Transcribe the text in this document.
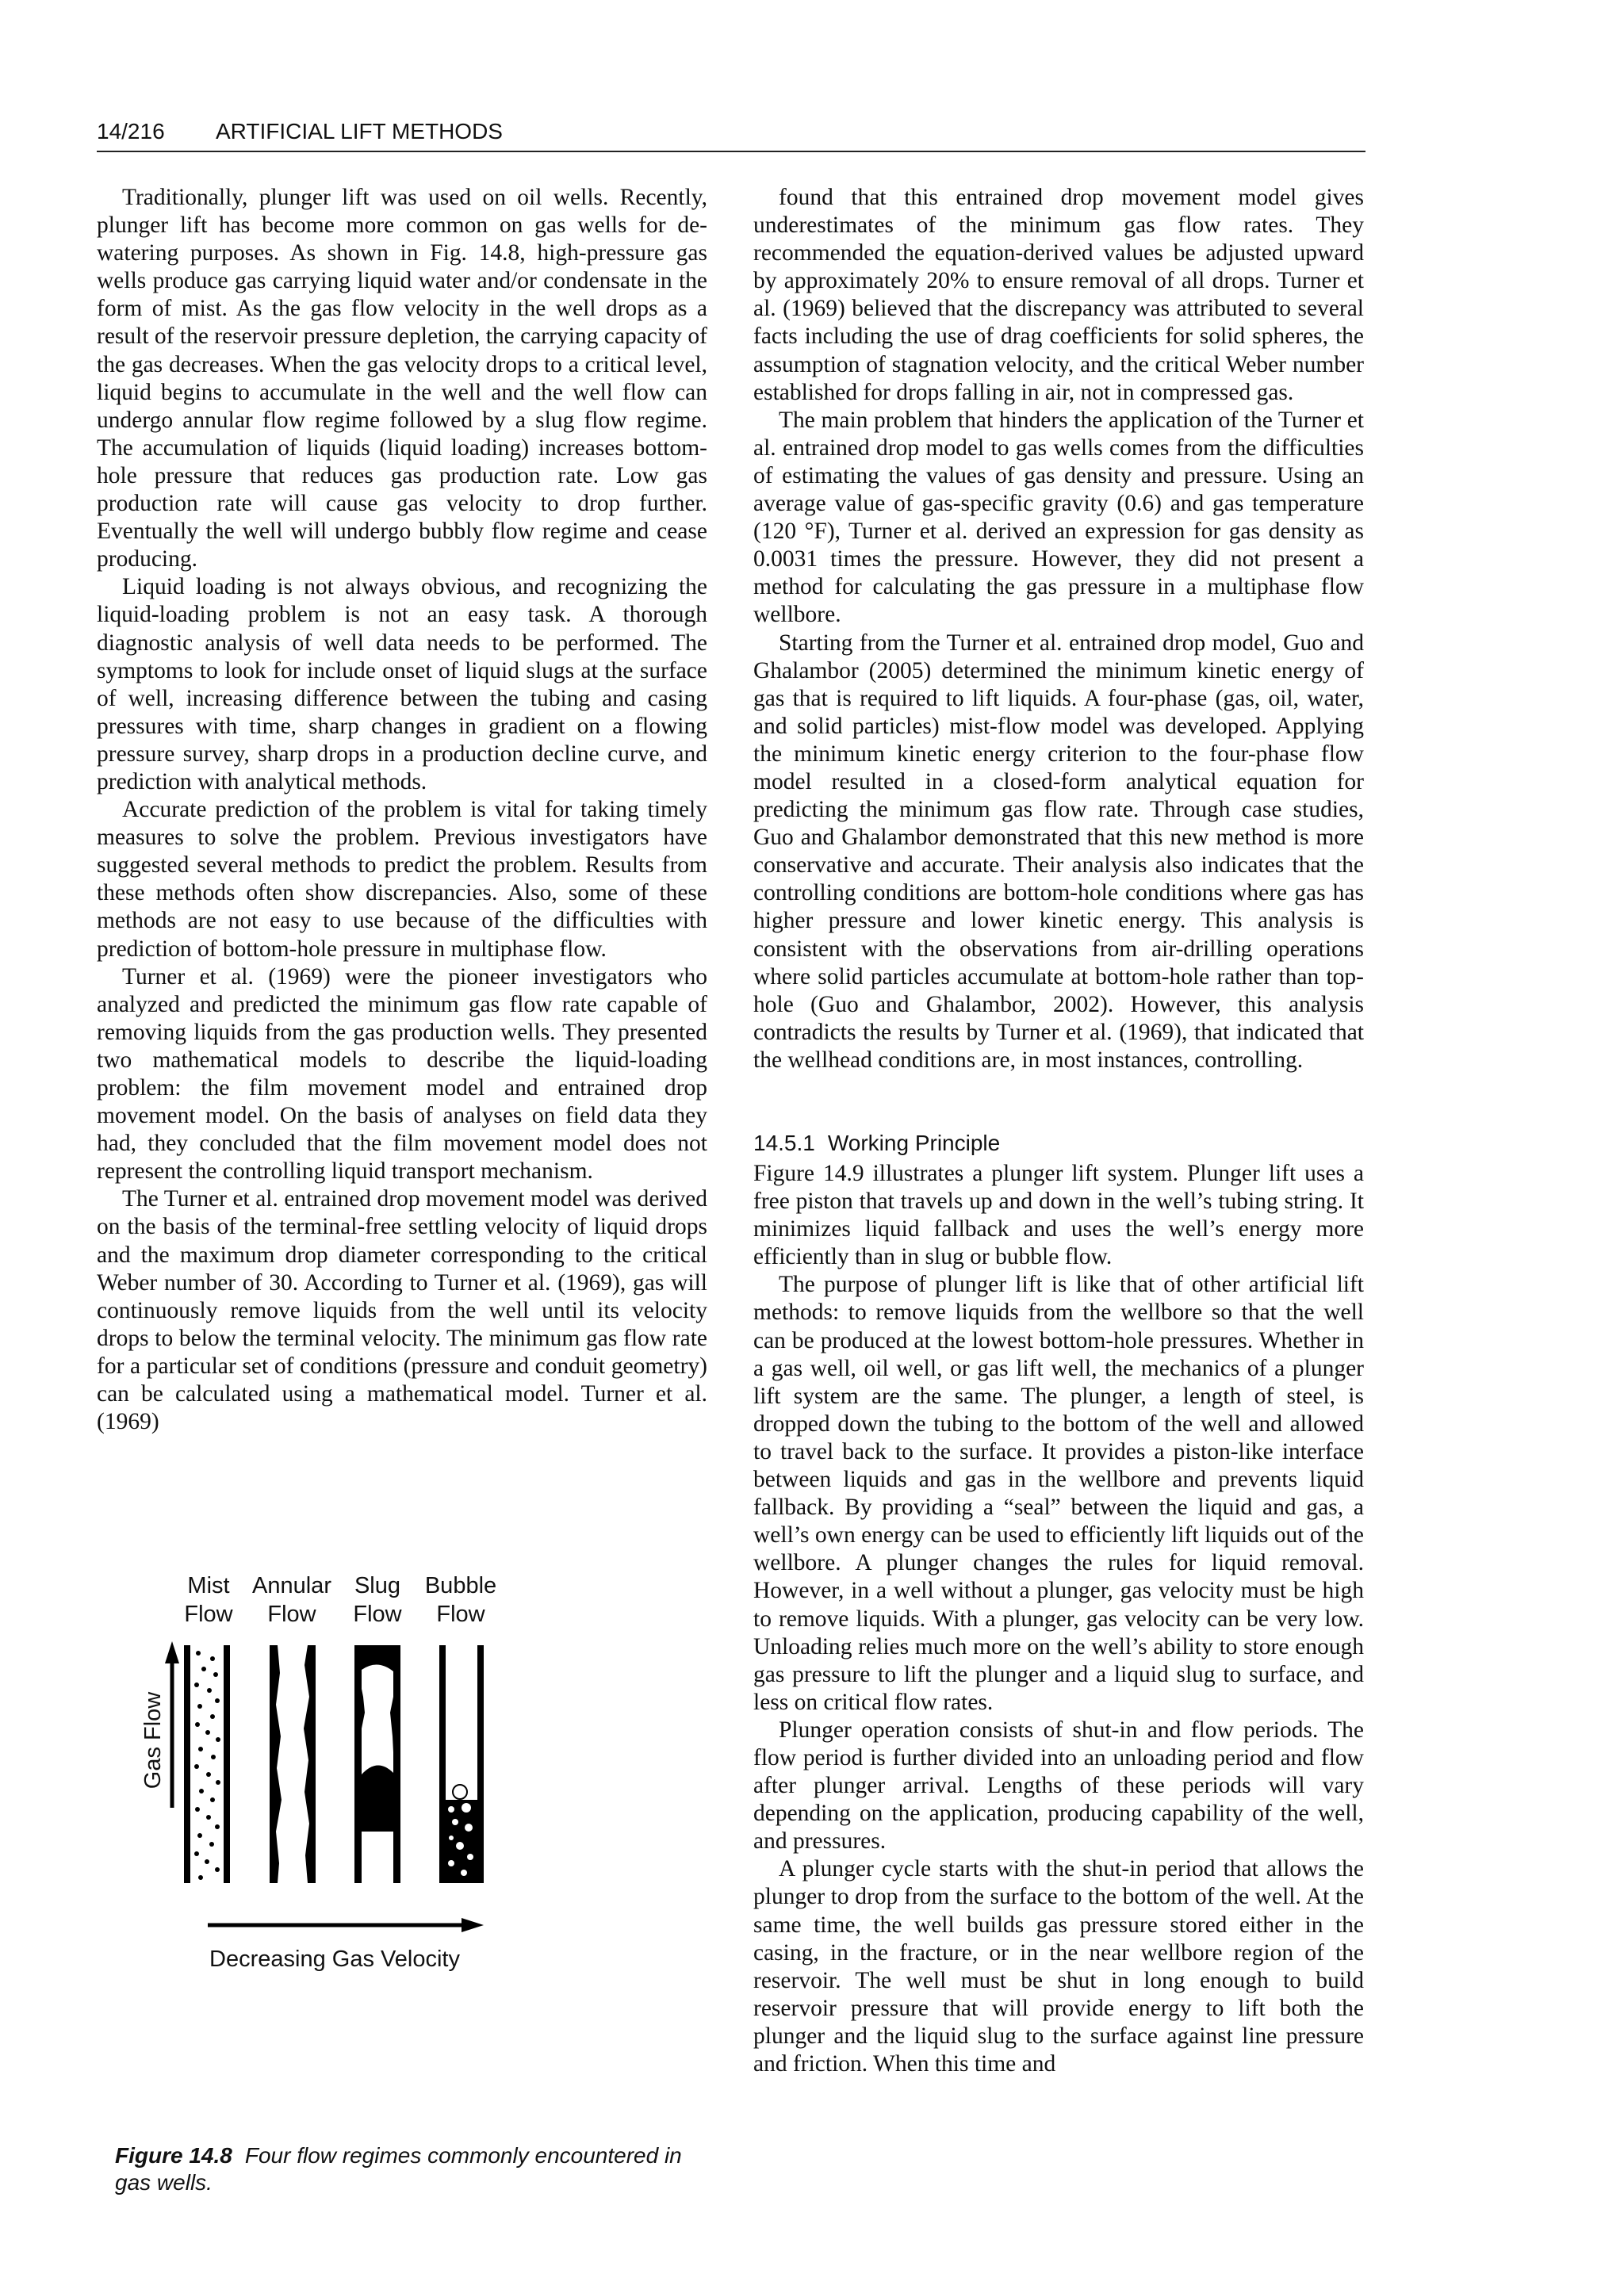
14/216 ARTIFICIAL LIFT METHODS

Traditionally, plunger lift was used on oil wells. Recently, plunger lift has become more common on gas wells for de-watering purposes. As shown in Fig. 14.8, high-pressure gas wells produce gas carrying liquid water and/or condensate in the form of mist. As the gas flow velocity in the well drops as a result of the reservoir pressure depletion, the carrying capacity of the gas decreases. When the gas velocity drops to a critical level, liquid begins to accumulate in the well and the well flow can undergo annular flow regime followed by a slug flow regime. The accumulation of liquids (liquid loading) increases bottom-hole pressure that reduces gas production rate. Low gas production rate will cause gas velocity to drop further. Eventually the well will undergo bubbly flow regime and cease producing.

Liquid loading is not always obvious, and recognizing the liquid-loading problem is not an easy task. A thorough diagnostic analysis of well data needs to be performed. The symptoms to look for include onset of liquid slugs at the surface of well, increasing difference between the tubing and casing pressures with time, sharp changes in gradient on a flowing pressure survey, sharp drops in a production decline curve, and prediction with analytical methods.

Accurate prediction of the problem is vital for taking timely measures to solve the problem. Previous investigators have suggested several methods to predict the problem. Results from these methods often show discrepancies. Also, some of these methods are not easy to use because of the difficulties with prediction of bottom-hole pressure in multiphase flow.

Turner et al. (1969) were the pioneer investigators who analyzed and predicted the minimum gas flow rate capable of removing liquids from the gas production wells. They presented two mathematical models to describe the liquid-loading problem: the film movement model and entrained drop movement model. On the basis of analyses on field data they had, they concluded that the film movement model does not represent the controlling liquid transport mechanism.

The Turner et al. entrained drop movement model was derived on the basis of the terminal-free settling velocity of liquid drops and the maximum drop diameter corresponding to the critical Weber number of 30. According to Turner et al. (1969), gas will continuously remove liquids from the well until its velocity drops to below the terminal velocity. The minimum gas flow rate for a particular set of conditions (pressure and conduit geometry) can be calculated using a mathematical model. Turner et al. (1969)

found that this entrained drop movement model gives underestimates of the minimum gas flow rates. They recommended the equation-derived values be adjusted upward by approximately 20% to ensure removal of all drops. Turner et al. (1969) believed that the discrepancy was attributed to several facts including the use of drag coefficients for solid spheres, the assumption of stagnation velocity, and the critical Weber number established for drops falling in air, not in compressed gas.

The main problem that hinders the application of the Turner et al. entrained drop model to gas wells comes from the difficulties of estimating the values of gas density and pressure. Using an average value of gas-specific gravity (0.6) and gas temperature (120 °F), Turner et al. derived an expression for gas density as 0.0031 times the pressure. However, they did not present a method for calculating the gas pressure in a multiphase flow wellbore.

Starting from the Turner et al. entrained drop model, Guo and Ghalambor (2005) determined the minimum kinetic energy of gas that is required to lift liquids. A four-phase (gas, oil, water, and solid particles) mist-flow model was developed. Applying the minimum kinetic energy criterion to the four-phase flow model resulted in a closed-form analytical equation for predicting the minimum gas flow rate. Through case studies, Guo and Ghalambor demonstrated that this new method is more conservative and accurate. Their analysis also indicates that the controlling conditions are bottom-hole conditions where gas has higher pressure and lower kinetic energy. This analysis is consistent with the observations from air-drilling operations where solid particles accumulate at bottom-hole rather than top-hole (Guo and Ghalambor, 2002). However, this analysis contradicts the results by Turner et al. (1969), that indicated that the wellhead conditions are, in most instances, controlling.

14.5.1 Working Principle

Figure 14.9 illustrates a plunger lift system. Plunger lift uses a free piston that travels up and down in the well’s tubing string. It minimizes liquid fallback and uses the well’s energy more efficiently than in slug or bubble flow.

The purpose of plunger lift is like that of other artificial lift methods: to remove liquids from the wellbore so that the well can be produced at the lowest bottom-hole pressures. Whether in a gas well, oil well, or gas lift well, the mechanics of a plunger lift system are the same. The plunger, a length of steel, is dropped down the tubing to the bottom of the well and allowed to travel back to the surface. It provides a piston-like interface between liquids and gas in the wellbore and prevents liquid fallback. By providing a “seal” between the liquid and gas, a well’s own energy can be used to efficiently lift liquids out of the wellbore. A plunger changes the rules for liquid removal. However, in a well without a plunger, gas velocity must be high to remove liquids. With a plunger, gas velocity can be very low. Unloading relies much more on the well’s ability to store enough gas pressure to lift the plunger and a liquid slug to surface, and less on critical flow rates.

Plunger operation consists of shut-in and flow periods. The flow period is further divided into an unloading period and flow after plunger arrival. Lengths of these periods will vary depending on the application, producing capability of the well, and pressures.

A plunger cycle starts with the shut-in period that allows the plunger to drop from the surface to the bottom of the well. At the same time, the well builds gas pressure stored either in the casing, in the fracture, or in the near wellbore region of the reservoir. The well must be shut in long enough to build reservoir pressure that will provide energy to lift both the plunger and the liquid slug to the surface against line pressure and friction. When this time and

Mist
Flow
Annular
Flow
Slug
Flow
Bubble
Flow
Gas Flow
Decreasing Gas Velocity
Figure 14.8 Four flow regimes commonly encountered in gas wells.
